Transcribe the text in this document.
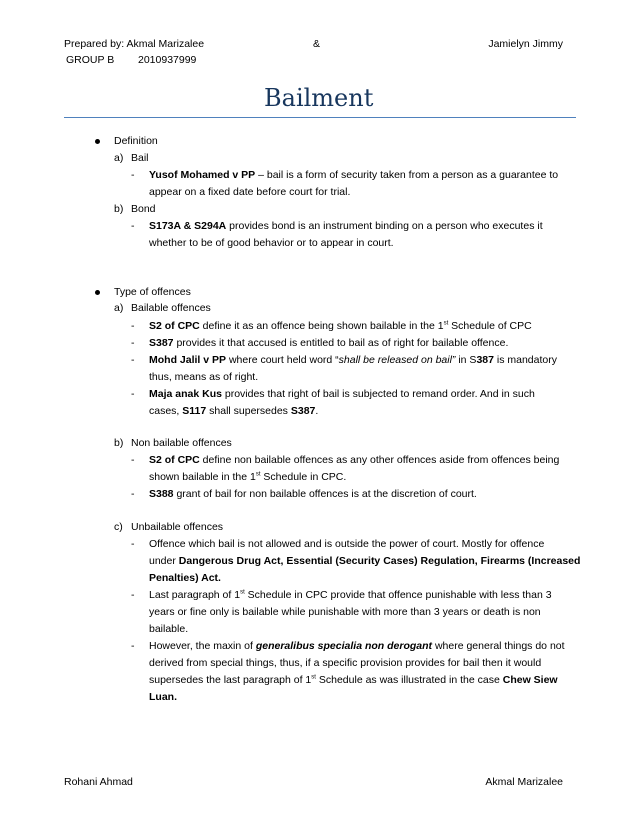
Prepared by: Akmal Marizalee	&	Jamielyn Jimmy
GROUP B 2010937999
Bailment
Definition
a) Bail
- Yusof Mohamed v PP – bail is a form of security taken from a person as a guarantee to
appear on a fixed date before court for trial.
b) Bond
- S173A & S294A provides bond is an instrument binding on a person who executes it
whether to be of good behavior or to appear in court.
Type of offences
a) Bailable offences
- S2 of CPC define it as an offence being shown bailable in the 1st Schedule of CPC
- S387 provides it that accused is entitled to bail as of right for bailable offence.
- Mohd Jalil v PP where court held word “shall be released on bail” in S387 is mandatory
thus, means as of right.
- Maja anak Kus provides that right of bail is subjected to remand order. And in such
cases, S117 shall supersedes S387.
b) Non bailable offences
- S2 of CPC define non bailable offences as any other offences aside from offences being
shown bailable in the 1st Schedule in CPC.
- S388 grant of bail for non bailable offences is at the discretion of court.
c) Unbailable offences
- Offence which bail is not allowed and is outside the power of court. Mostly for offence
under Dangerous Drug Act, Essential (Security Cases) Regulation, Firearms (Increased
Penalties) Act.
- Last paragraph of 1st Schedule in CPC provide that offence punishable with less than 3
years or fine only is bailable while punishable with more than 3 years or death is non
bailable.
- However, the maxin of generalibus specialia non derogant where general things do not
derived from special things, thus, if a specific provision provides for bail then it would
supersedes the last paragraph of 1st Schedule as was illustrated in the case Chew Siew
Luan.
Rohani Ahmad	Akmal Marizalee
